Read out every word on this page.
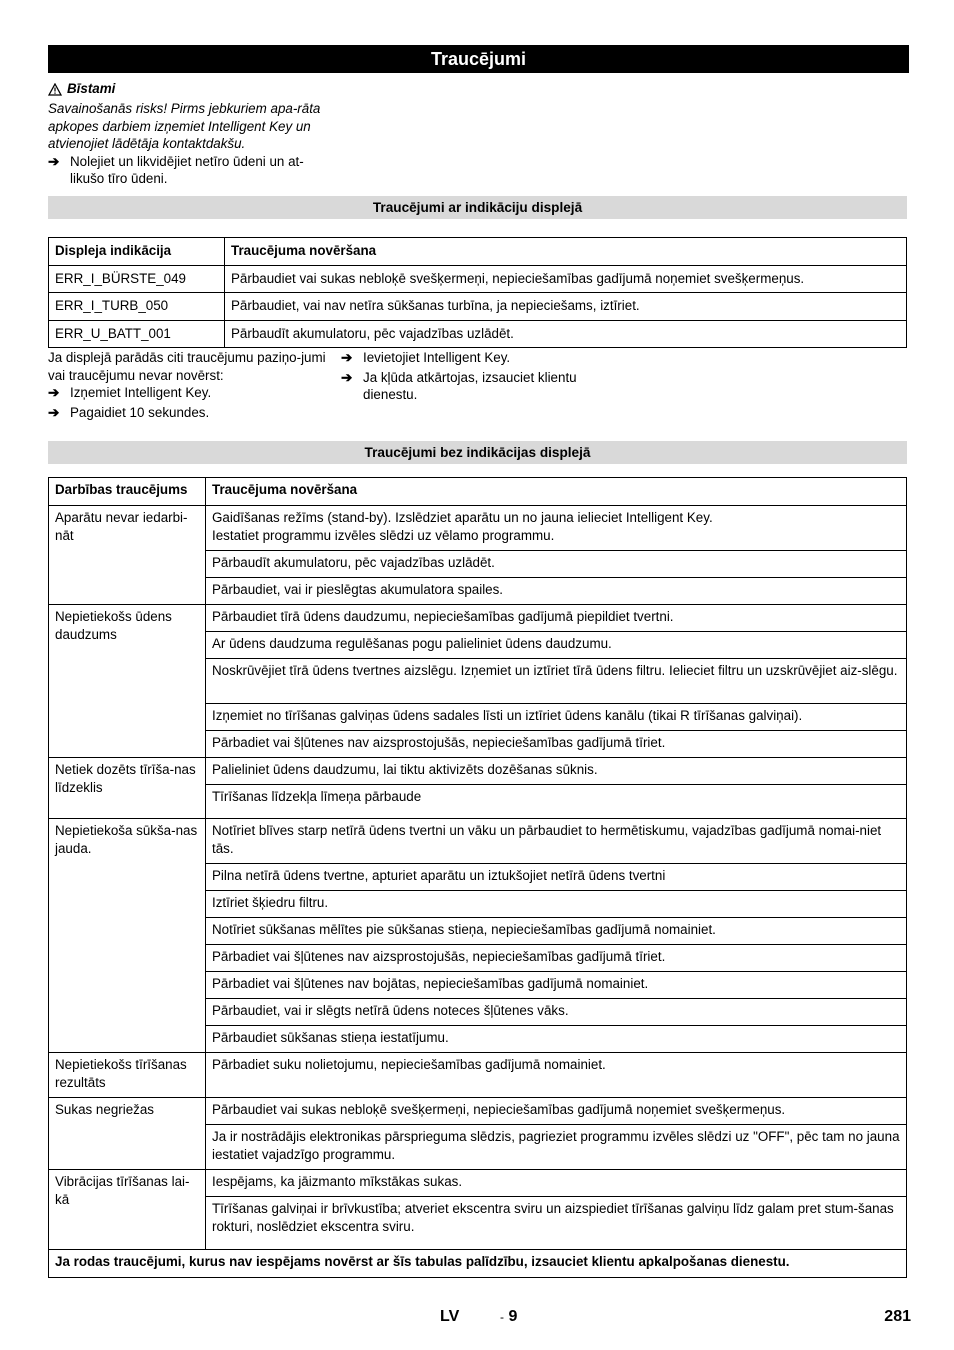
Traucējumi
Bīstami
Savainošanās risks! Pirms jebkuriem apa-rāta apkopes darbiem izņemiet Intelligent Key un atvienojiet lādētāja kontaktdakšu.
➔ Nolejiet un likvidējiet netīro ūdeni un at-likušo tīro ūdeni.
Traucējumi ar indikāciju displejā
Displeja indikācija	Traucējuma novēršana
ERR_I_BÜRSTE_049	Pārbaudiet vai sukas nebloķē svešķermeņi, nepieciešamības gadījumā noņemiet svešķermeņus.
ERR_I_TURB_050	Pārbaudiet, vai nav netīra sūkšanas turbīna, ja nepieciešams, iztīriet.
ERR_U_BATT_001	Pārbaudīt akumulatoru, pēc vajadzības uzlādēt.
Ja displejā parādās citi traucējumu paziņo-jumi vai traucējumu nevar novērst:
➔ Izņemiet Intelligent Key.
➔ Pagaidiet 10 sekundes.
➔ Ievietojiet Intelligent Key.
➔ Ja kļūda atkārtojas, izsauciet klientu dienestu.
Traucējumi bez indikācijas displejā
Darbības traucējums	Traucējuma novēršana
Aparātu nevar iedarbi-nāt	Gaidīšanas režīms (stand-by). Izslēdziet aparātu un no jauna ielieciet Intelligent Key.
Iestatiet programmu izvēles slēdzi uz vēlamo programmu.
	Pārbaudīt akumulatoru, pēc vajadzības uzlādēt.
	Pārbaudiet, vai ir pieslēgtas akumulatora spailes.
Nepietiekošs ūdens daudzums	Pārbaudiet tīrā ūdens daudzumu, nepieciešamības gadījumā piepildiet tvertni.
	Ar ūdens daudzuma regulēšanas pogu palieliniet ūdens daudzumu.
	Noskrūvējiet tīrā ūdens tvertnes aizslēgu. Izņemiet un iztīriet tīrā ūdens filtru. Ielieciet filtru un uzskrūvējiet aiz-slēgu.
	Izņemiet no tīrīšanas galviņas ūdens sadales līsti un iztīriet ūdens kanālu (tikai R tīrīšanas galviņai).
	Pārbadiet vai šļūtenes nav aizsprostojušās, nepieciešamības gadījumā tīriet.
Netiek dozēts tīrīša-nas līdzeklis	Palieliniet ūdens daudzumu, lai tiktu aktivizēts dozēšanas sūknis.
	Tīrīšanas līdzekļa līmeņa pārbaude
Nepietiekoša sūkša-nas jauda.	Notīriet blīves starp netīrā ūdens tvertni un vāku un pārbaudiet to hermētiskumu, vajadzības gadījumā nomai-niet tās.
	Pilna netīrā ūdens tvertne, apturiet aparātu un iztukšojiet netīrā ūdens tvertni
	Iztīriet šķiedru filtru.
	Notīriet sūkšanas mēlītes pie sūkšanas stieņa, nepieciešamības gadījumā nomainiet.
	Pārbadiet vai šļūtenes nav aizsprostojušās, nepieciešamības gadījumā tīriet.
	Pārbadiet vai šļūtenes nav bojātas, nepieciešamības gadījumā nomainiet.
	Pārbaudiet, vai ir slēgts netīrā ūdens noteces šļūtenes vāks.
	Pārbaudiet sūkšanas stieņa iestatījumu.
Nepietiekošs tīrīšanas rezultāts	Pārbadiet suku nolietojumu, nepieciešamības gadījumā nomainiet.
Sukas negriežas	Pārbaudiet vai sukas nebloķē svešķermeņi, nepieciešamības gadījumā noņemiet svešķermeņus.
	Ja ir nostrādājis elektronikas pārsprieguma slēdzis, pagrieziet programmu izvēles slēdzi uz "OFF", pēc tam no jauna iestatiet vajadzīgo programmu.
Vibrācijas tīrīšanas lai-kā	Iespējams, ka jāizmanto mīkstākas sukas.
	Tīrīšanas galviņai ir brīvkustība; atveriet ekscentra sviru un aizspiediet tīrīšanas galviņu līdz galam pret stum-šanas rokturi, noslēdziet ekscentra sviru.
Ja rodas traucējumi, kurus nav iespējams novērst ar šīs tabulas palīdzību, izsauciet klientu apkalpošanas dienestu.	
LV	- 9	281
